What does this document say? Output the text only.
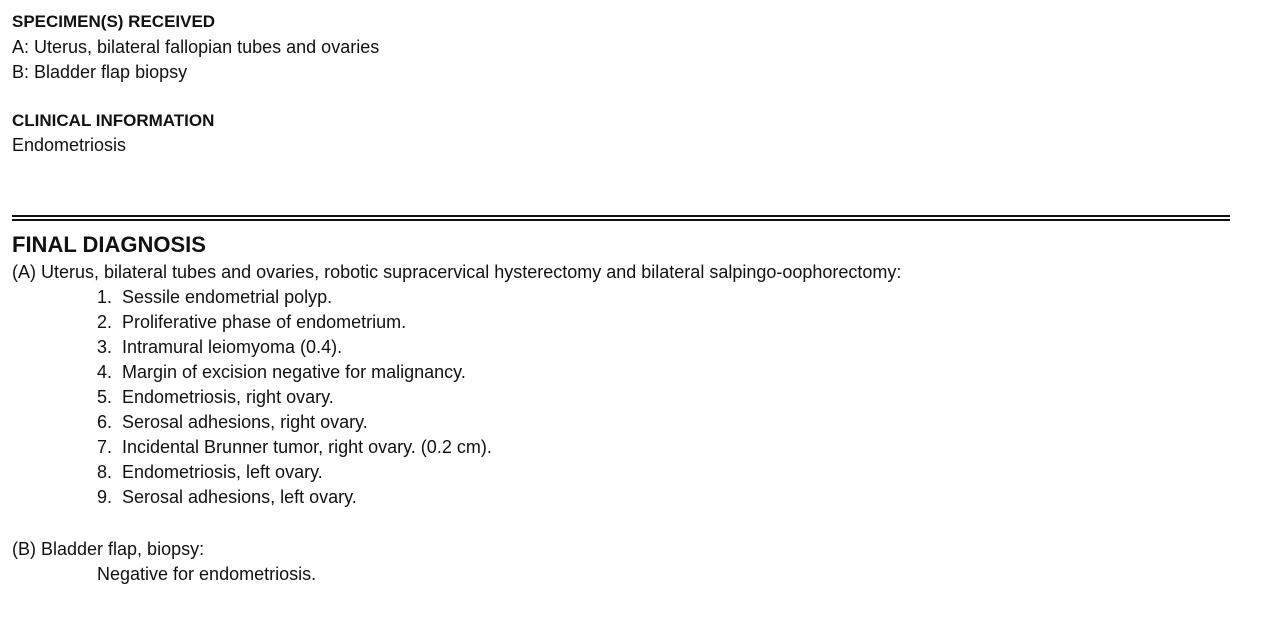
SPECIMEN(S) RECEIVED

A: Uterus, bilateral fallopian tubes and ovaries

B: Bladder flap biopsy

CLINICAL INFORMATION

Endometriosis

FINAL DIAGNOSIS

(A) Uterus, bilateral tubes and ovaries, robotic supracervical hysterectomy and bilateral salpingo-oophorectomy:

1. Sessile endometrial polyp.
2. Proliferative phase of endometrium.
3. Intramural leiomyoma (0.4).
4. Margin of excision negative for malignancy.
5. Endometriosis, right ovary.
6. Serosal adhesions, right ovary.
7. Incidental Brunner tumor, right ovary. (0.2 cm).
8. Endometriosis, left ovary.
9. Serosal adhesions, left ovary.

(B) Bladder flap, biopsy:

Negative for endometriosis.
